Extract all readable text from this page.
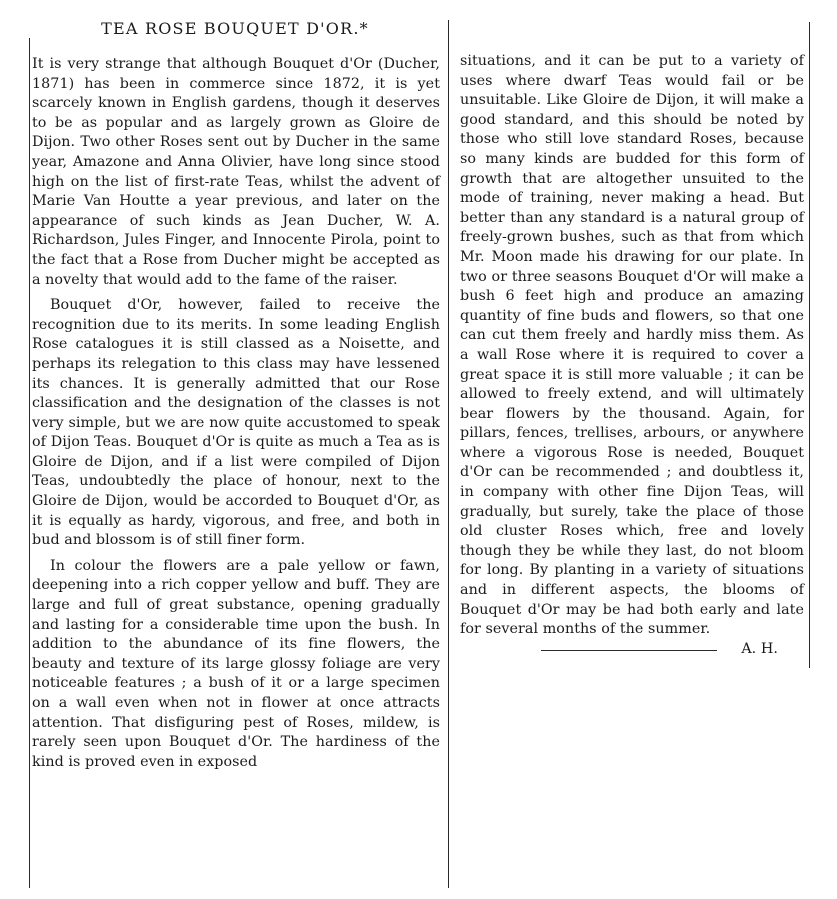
TEA ROSE BOUQUET D'OR.*

It is very strange that although Bouquet d'Or (Ducher, 1871) has been in commerce since 1872, it is yet scarcely known in English gardens, though it deserves to be as popular and as largely grown as Gloire de Dijon. Two other Roses sent out by Ducher in the same year, Amazone and Anna Olivier, have long since stood high on the list of first-rate Teas, whilst the advent of Marie Van Houtte a year previous, and later on the appearance of such kinds as Jean Ducher, W. A. Richardson, Jules Finger, and Innocente Pirola, point to the fact that a Rose from Ducher might be accepted as a novelty that would add to the fame of the raiser.

Bouquet d'Or, however, failed to receive the recognition due to its merits. In some leading English Rose catalogues it is still classed as a Noisette, and perhaps its relegation to this class may have lessened its chances. It is generally admitted that our Rose classification and the designation of the classes is not very simple, but we are now quite accustomed to speak of Dijon Teas. Bouquet d'Or is quite as much a Tea as is Gloire de Dijon, and if a list were compiled of Dijon Teas, undoubtedly the place of honour, next to the Gloire de Dijon, would be accorded to Bouquet d'Or, as it is equally as hardy, vigorous, and free, and both in bud and blossom is of still finer form.

In colour the flowers are a pale yellow or fawn, deepening into a rich copper yellow and buff. They are large and full of great substance, opening gradually and lasting for a considerable time upon the bush. In addition to the abundance of its fine flowers, the beauty and texture of its large glossy foliage are very noticeable features ; a bush of it or a large specimen on a wall even when not in flower at once attracts attention. That disfiguring pest of Roses, mildew, is rarely seen upon Bouquet d'Or. The hardiness of the kind is proved even in exposed

situations, and it can be put to a variety of uses where dwarf Teas would fail or be unsuitable. Like Gloire de Dijon, it will make a good standard, and this should be noted by those who still love standard Roses, because so many kinds are budded for this form of growth that are altogether unsuited to the mode of training, never making a head. But better than any standard is a natural group of freely-grown bushes, such as that from which Mr. Moon made his drawing for our plate. In two or three seasons Bouquet d'Or will make a bush 6 feet high and produce an amazing quantity of fine buds and flowers, so that one can cut them freely and hardly miss them. As a wall Rose where it is required to cover a great space it is still more valuable ; it can be allowed to freely extend, and will ultimately bear flowers by the thousand. Again, for pillars, fences, trellises, arbours, or anywhere where a vigorous Rose is needed, Bouquet d'Or can be recommended ; and doubtless it, in company with other fine Dijon Teas, will gradually, but surely, take the place of those old cluster Roses which, free and lovely though they be while they last, do not bloom for long. By planting in a variety of situations and in different aspects, the blooms of Bouquet d'Or may be had both early and late for several months of the summer.

A. H.
